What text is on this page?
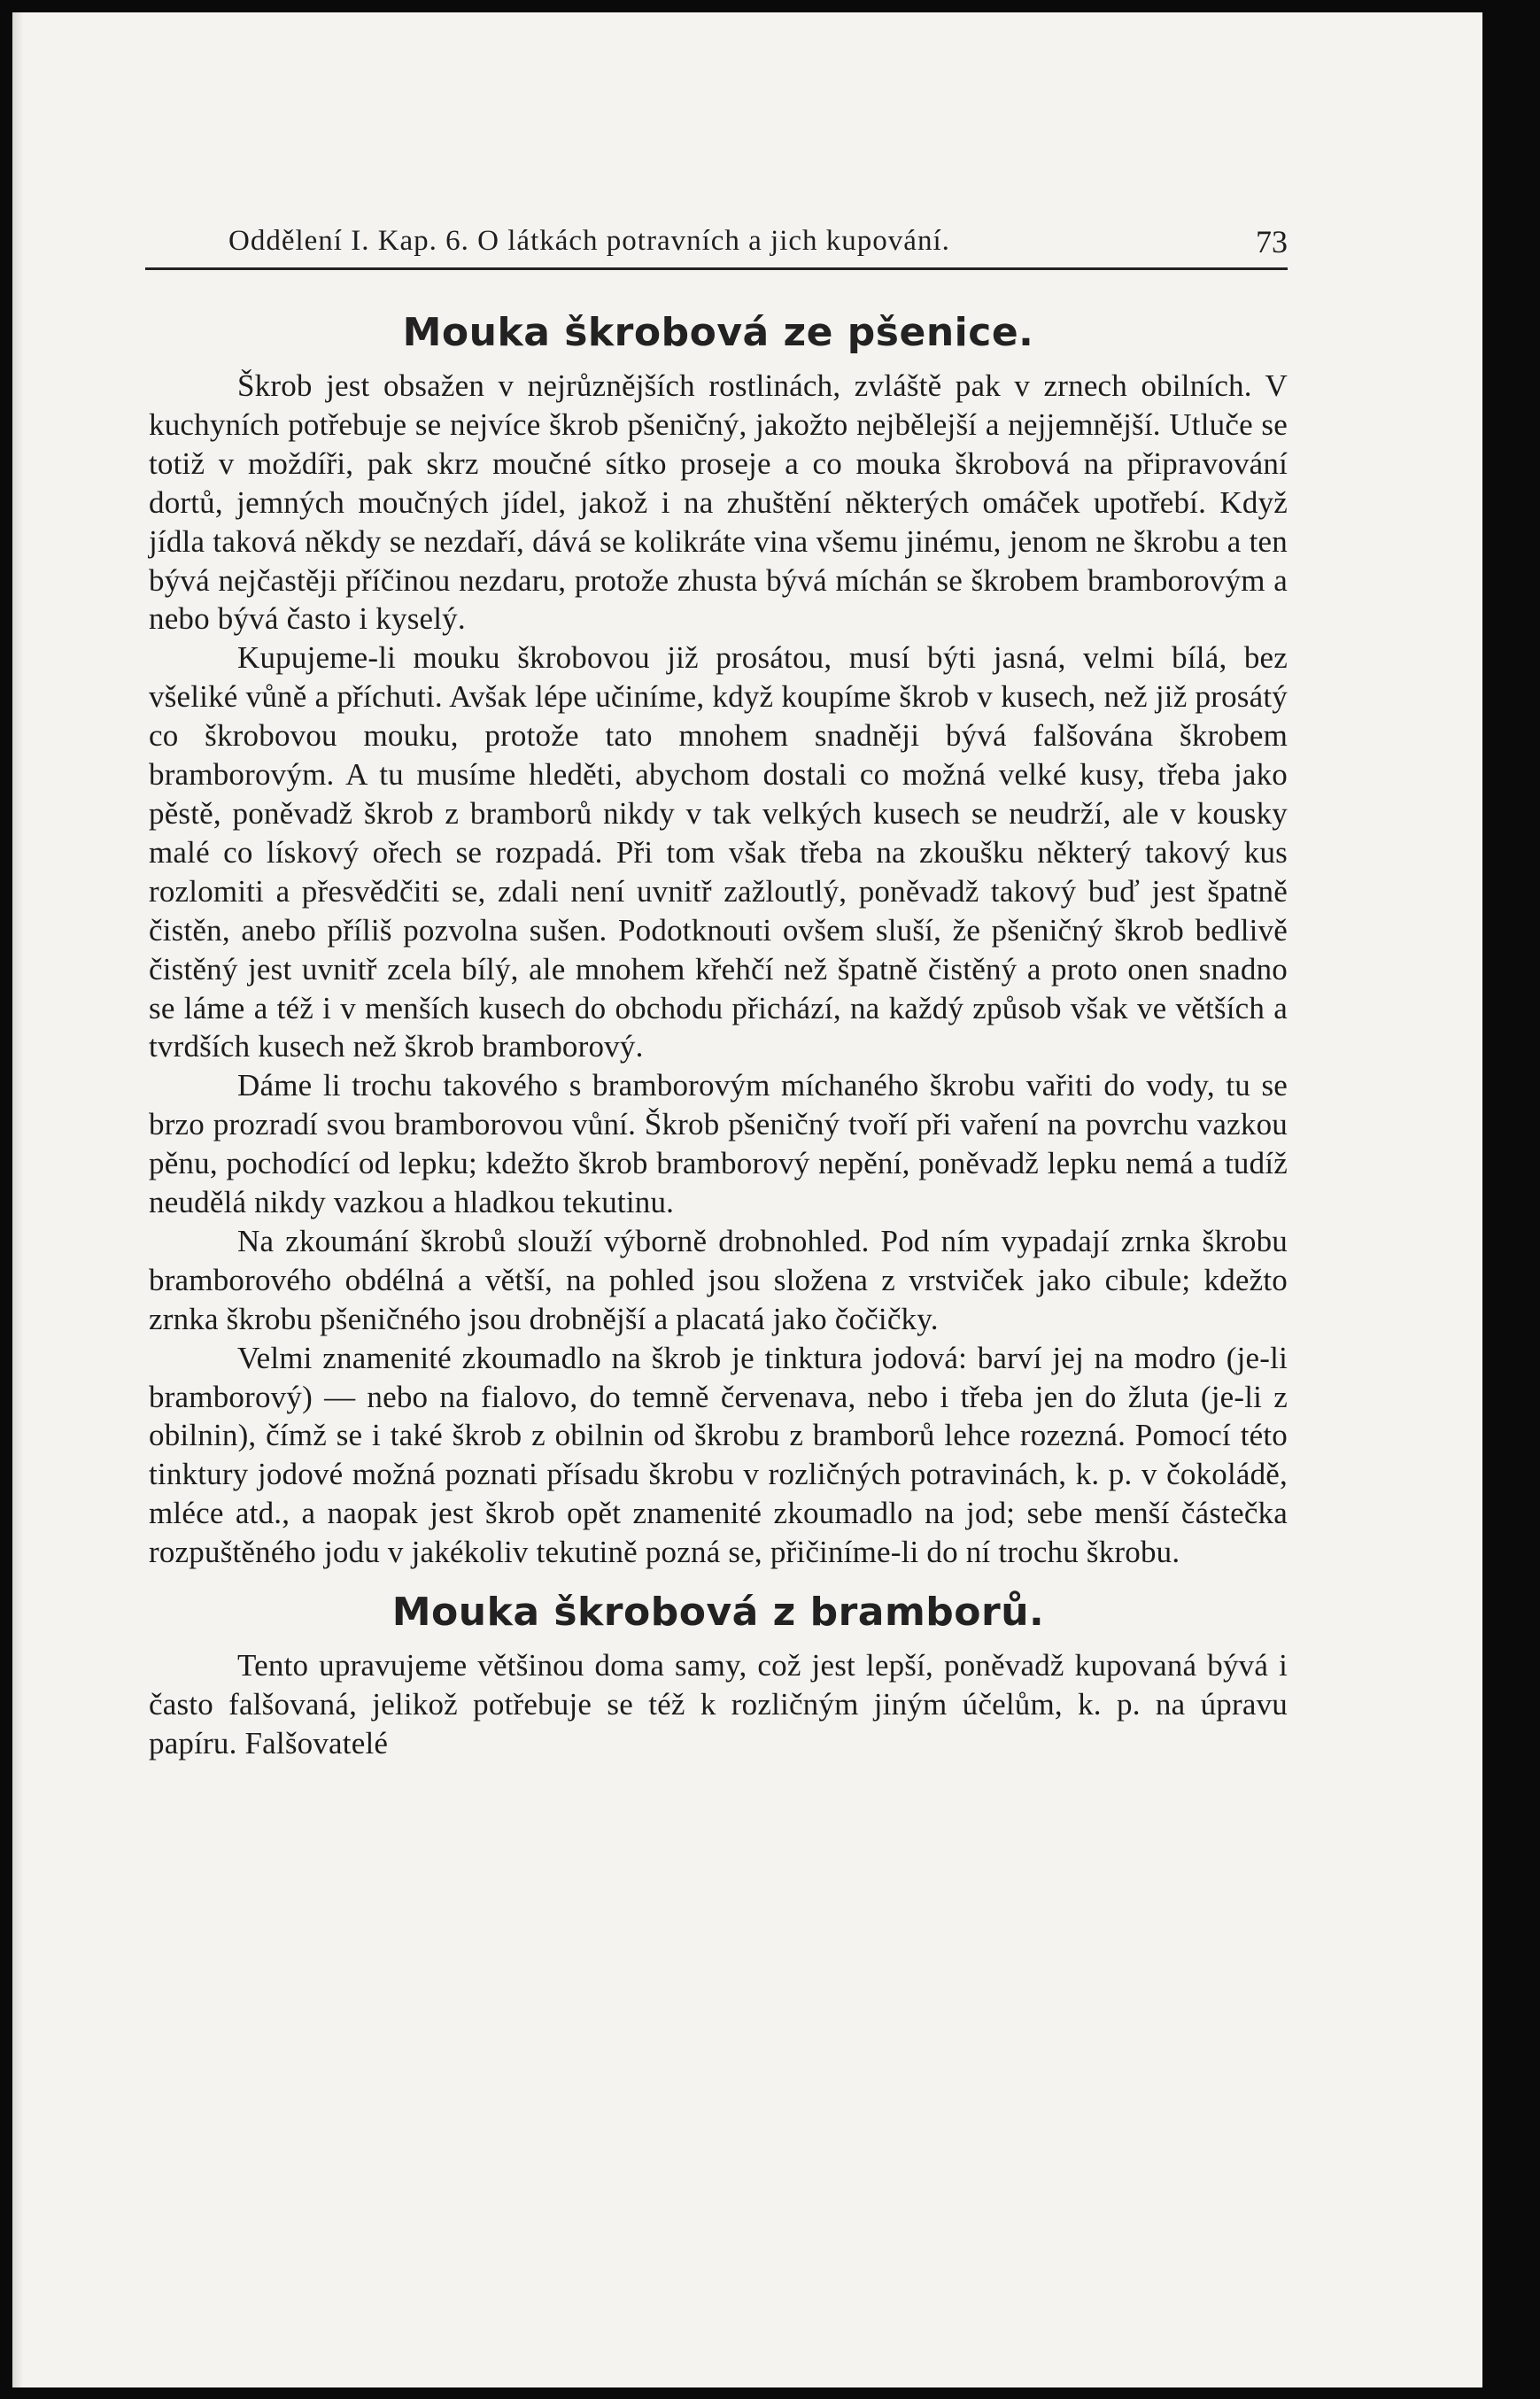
Oddělení I. Kap. 6. O látkách potravních a jich kupování.	73
Mouka škrobová ze pšenice.

Škrob jest obsažen v nejrůznějších rostlinách, zvláště pak v zrnech obilních. V kuchyních potřebuje se nejvíce škrob pšeničný, jakožto nejbělejší a nejjemnější. Utluče se totiž v moždíři, pak skrz moučné sítko proseje a co mouka škrobová na připravování dortů, jemných moučných jídel, jakož i na zhuštění některých omáček upotřebí. Když jídla taková někdy se nezdaří, dává se kolikráte vina všemu jinému, jenom ne škrobu a ten bývá nejčastěji příčinou nezdaru, protože zhusta bývá míchán se škrobem bramborovým a nebo bývá často i kyselý.

Kupujeme-li mouku škrobovou již prosátou, musí býti jasná, velmi bílá, bez všeliké vůně a příchuti. Avšak lépe učiníme, když koupíme škrob v kusech, než již prosátý co škrobovou mouku, protože tato mnohem snadněji bývá falšována škrobem bramborovým. A tu musíme hleděti, abychom dostali co možná velké kusy, třeba jako pěstě, poněvadž škrob z bramborů nikdy v tak velkých kusech se neudrží, ale v kousky malé co lískový ořech se rozpadá. Při tom však třeba na zkoušku některý takový kus rozlomiti a přesvědčiti se, zdali není uvnitř zažloutlý, poněvadž takový buď jest špatně čistěn, anebo příliš pozvolna sušen. Podotknouti ovšem sluší, že pšeničný škrob bedlivě čistěný jest uvnitř zcela bílý, ale mnohem křehčí než špatně čistěný a proto onen snadno se láme a též i v menších kusech do obchodu přichází, na každý způsob však ve větších a tvrdších kusech než škrob bramborový.

Dáme li trochu takového s bramborovým míchaného škrobu vařiti do vody, tu se brzo prozradí svou bramborovou vůní. Škrob pšeničný tvoří při vaření na povrchu vazkou pěnu, pochodící od lepku; kdežto škrob bramborový nepění, poněvadž lepku nemá a tudíž neudělá nikdy vazkou a hladkou tekutinu.

Na zkoumání škrobů slouží výborně drobnohled. Pod ním vypadají zrnka škrobu bramborového obdélná a větší, na pohled jsou složena z vrstviček jako cibule; kdežto zrnka škrobu pšeničného jsou drobnější a placatá jako čočičky.

Velmi znamenité zkoumadlo na škrob je tinktura jodová: barví jej na modro (je-li bramborový) — nebo na fialovo, do temně červenava, nebo i třeba jen do žluta (je-li z obilnin), čímž se i také škrob z obilnin od škrobu z bramborů lehce rozezná. Pomocí této tinktury jodové možná poznati přísadu škrobu v rozličných potravinách, k. p. v čokoládě, mléce atd., a naopak jest škrob opět znamenité zkoumadlo na jod; sebe menší částečka rozpuštěného jodu v jakékoliv tekutině pozná se, přičiníme-li do ní trochu škrobu.

Mouka škrobová z bramborů.

Tento upravujeme většinou doma samy, což jest lepší, poněvadž kupovaná bývá i často falšovaná, jelikož potřebuje se též k rozličným jiným účelům, k. p. na úpravu papíru. Falšovatelé
